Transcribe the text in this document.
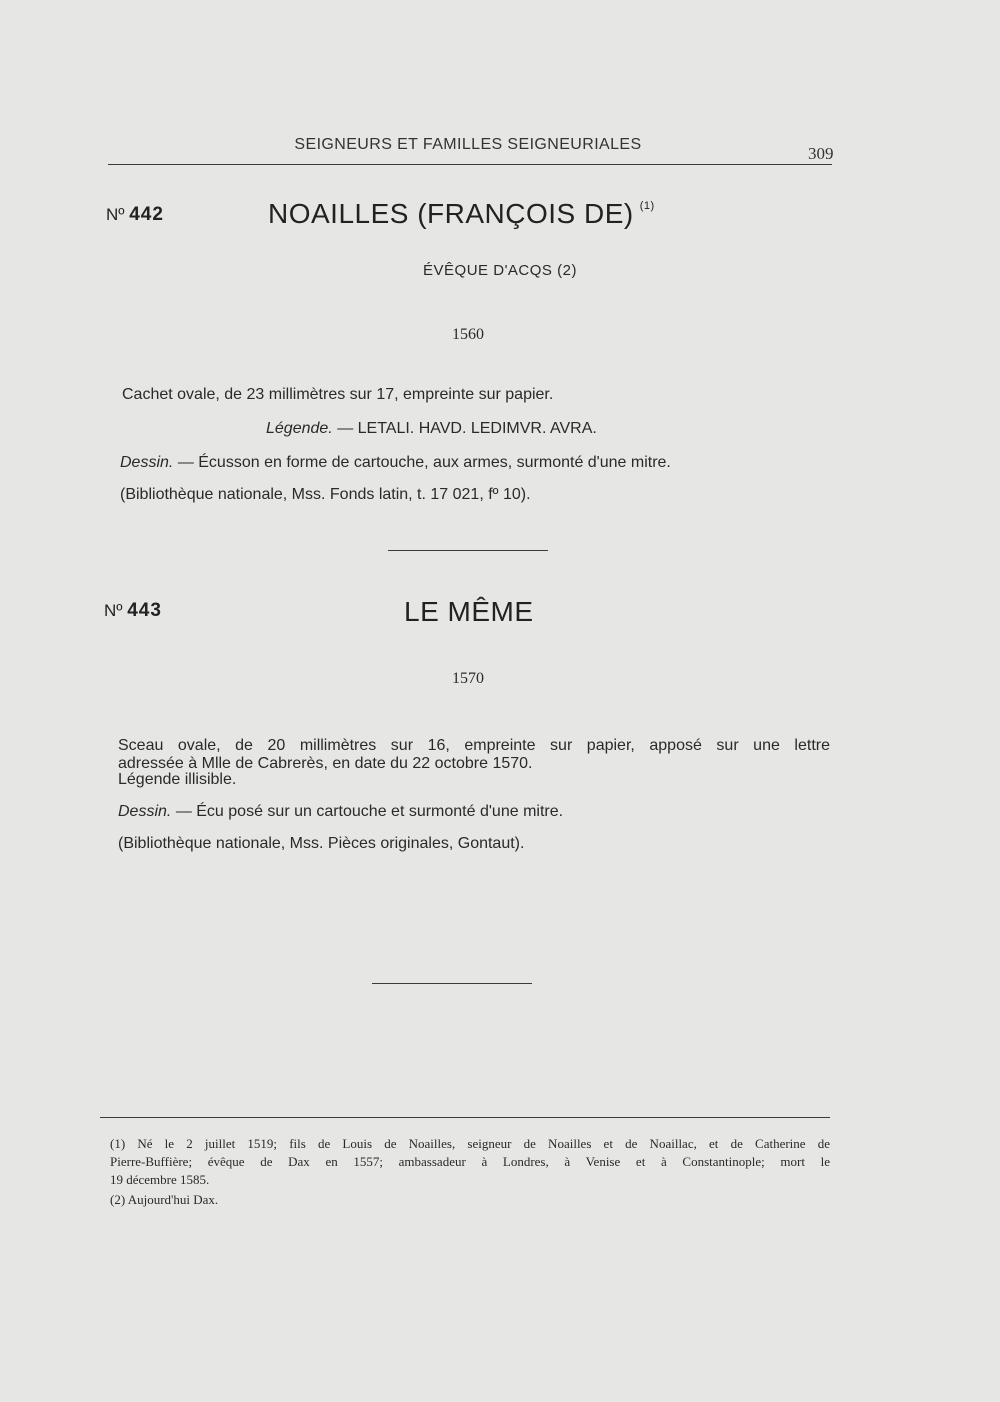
SEIGNEURS ET FAMILLES SEIGNEURIALES	309
Nº 442	NOAILLES (FRANÇOIS DE) $^{(1)}$
ÉVÊQUE D'ACQS (2)
1560
Cachet ovale, de 23 millimètres sur 17, empreinte sur papier.
Légende. — LETALI. HAVD. LEDIMVR. AVRA.
Dessin. — Écusson en forme de cartouche, aux armes, surmonté d'une mitre.
(Bibliothèque nationale, Mss. Fonds latin, t. 17 021, fº 10).
Nº 443	LE MÊME
1570
Sceau ovale, de 20 millimètres sur 16, empreinte sur papier, apposé sur une lettre
adressée à Mlle de Cabrerès, en date du 22 octobre 1570.
Légende illisible.
Dessin. — Écu posé sur un cartouche et surmonté d'une mitre.
(Bibliothèque nationale, Mss. Pièces originales, Gontaut).
(1) Né le 2 juillet 1519; fils de Louis de Noailles, seigneur de Noailles et de Noaillac, et de Catherine de
Pierre-Buffière; évêque de Dax en 1557; ambassadeur à Londres, à Venise et à Constantinople; mort le
19 décembre 1585.
(2) Aujourd'hui Dax.
